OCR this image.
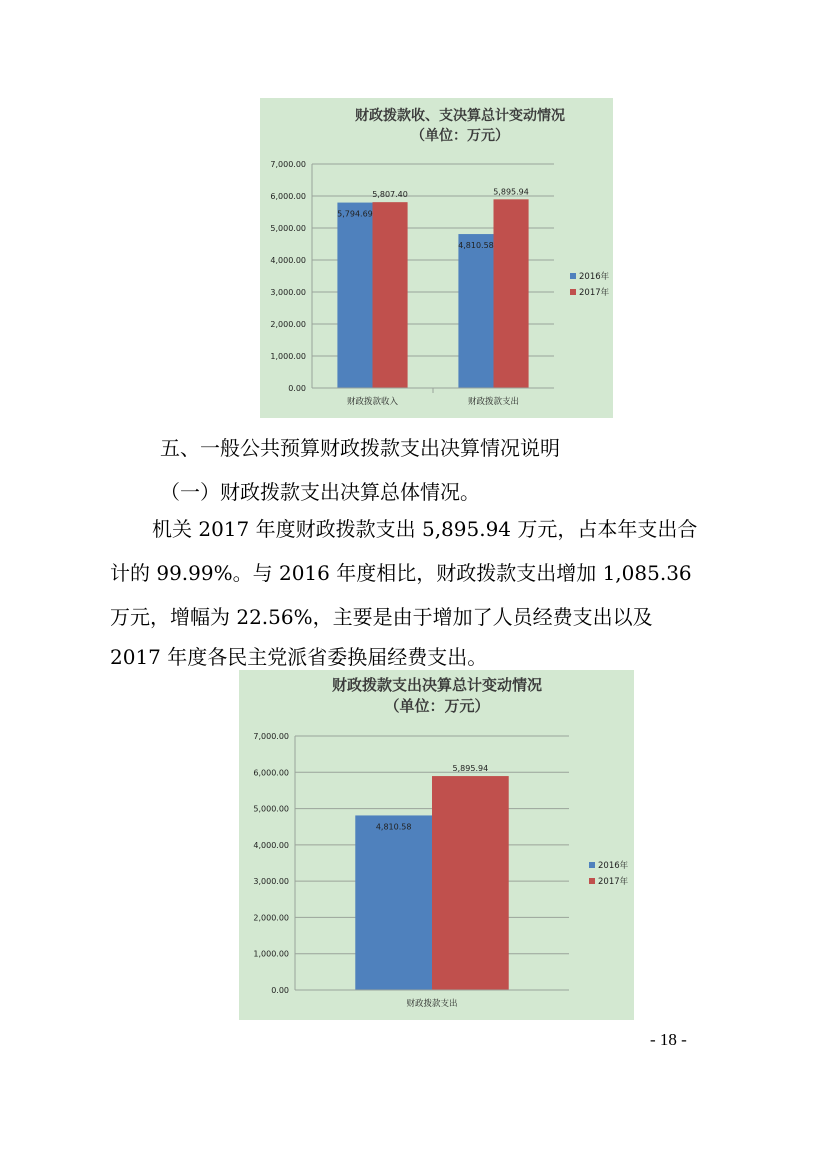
财政拨款收、支决算总计变动情况
（单位：万元）
0.00
1,000.00
2,000.00
3,000.00
4,000.00
5,000.00
6,000.00
7,000.00
财政拨款收入
5,794.69
5,807.40
财政拨款支出
4,810.58
5,895.94
2016年
2017年

五、一般公共预算财政拨款支出决算情况说明

（一）财政拨款支出决算总体情况。

机关 2017 年度财政拨款支出 5,895.94 万元，占本年支出合

计的 99.99%。与 2016 年度相比，财政拨款支出增加 1,085.36

万元，增幅为 22.56%，主要是由于增加了人员经费支出以及

2017 年度各民主党派省委换届经费支出。

财政拨款支出决算总计变动情况
（单位：万元）
0.00
1,000.00
2,000.00
3,000.00
4,000.00
5,000.00
6,000.00
7,000.00
财政拨款支出
4,810.58
5,895.94
2016年
2017年
- 18 -
